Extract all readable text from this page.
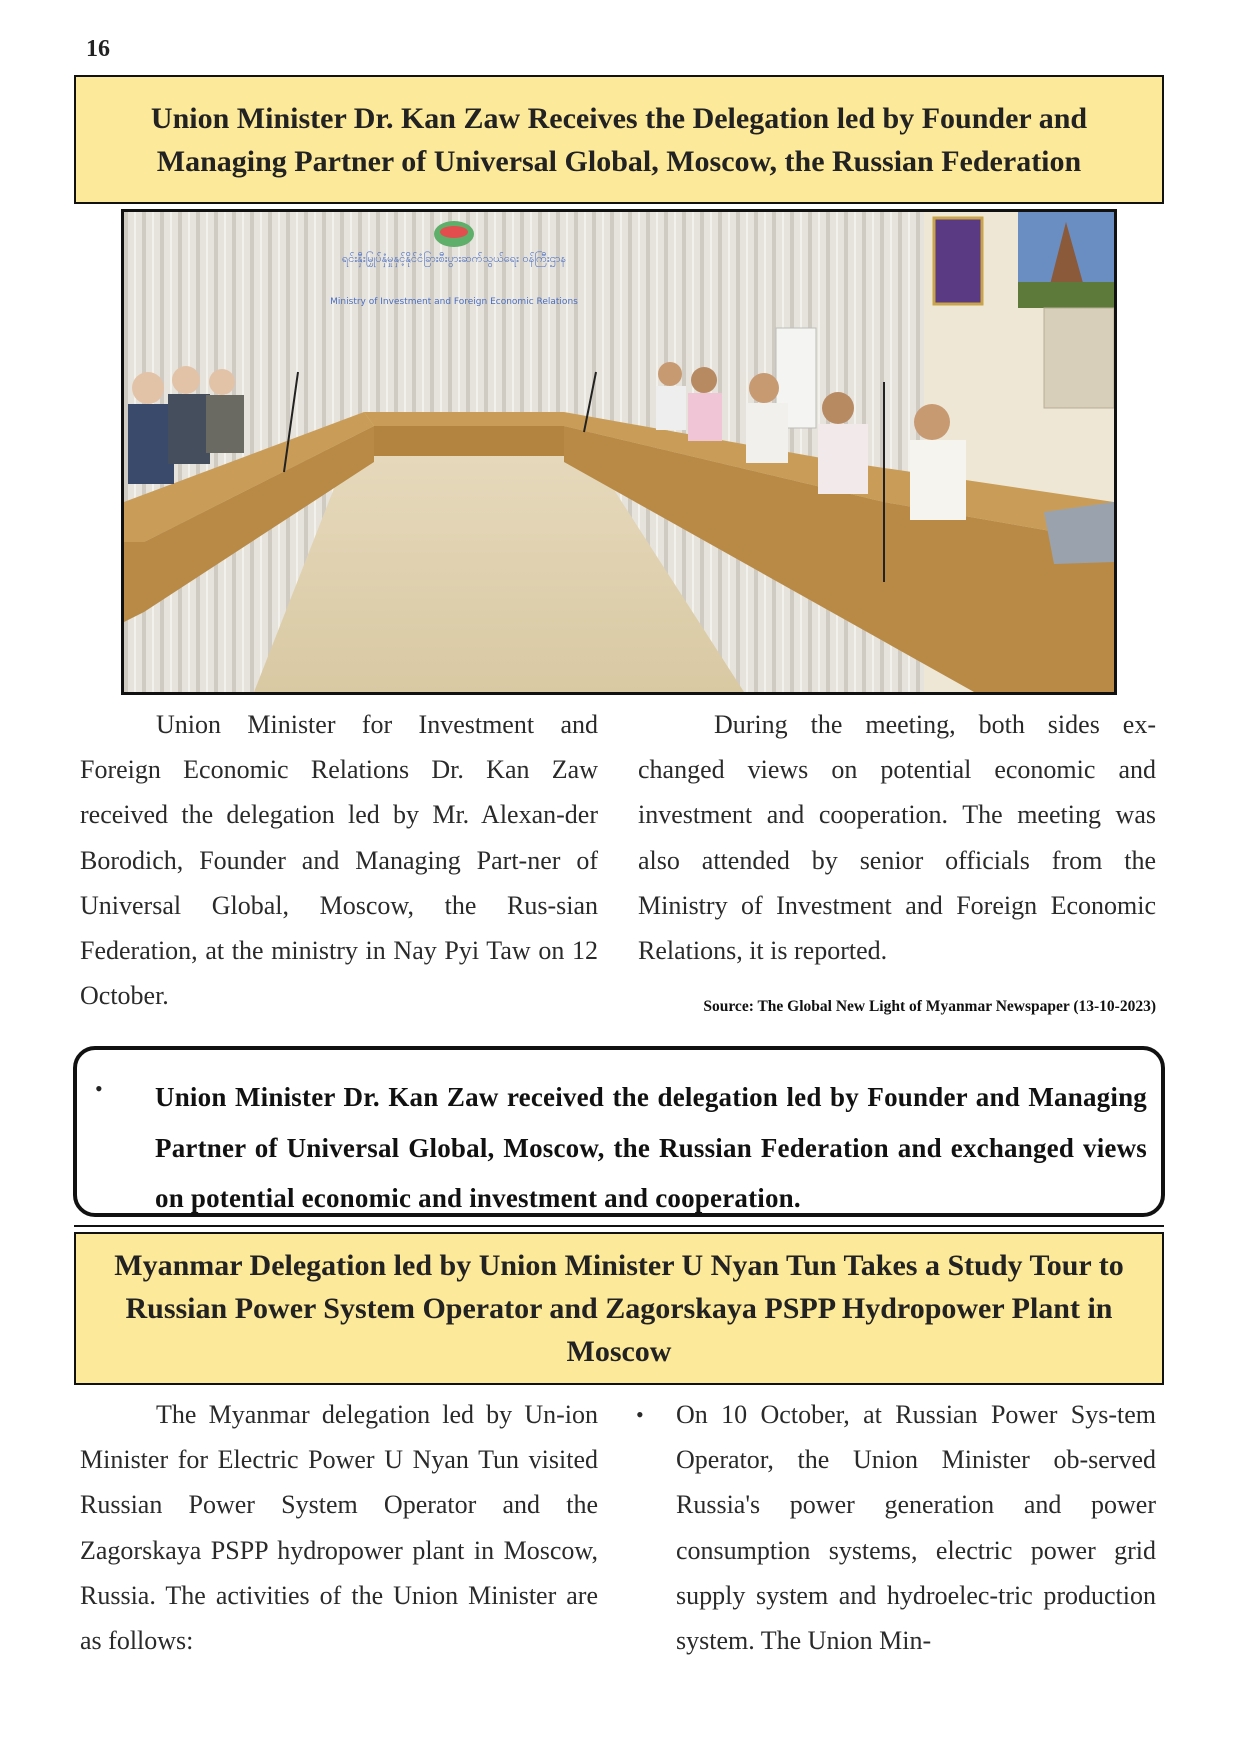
16
Union Minister Dr. Kan Zaw Receives the Delegation led by Founder and Managing Partner of Universal Global, Moscow, the Russian Federation
ရင်းနှီးမြှုပ်နှံမှုနှင့်နိုင်ငံခြားစီးပွားဆက်သွယ်ရေး ဝန်ကြီးဌာန
Ministry of Investment and Foreign Economic Relations

Union Minister for Investment and Foreign Economic Relations Dr. Kan Zaw received the delegation led by Mr. Alexan-der Borodich, Founder and Managing Part-ner of Universal Global, Moscow, the Rus-sian Federation, at the ministry in Nay Pyi Taw on 12 October.

During the meeting, both sides ex-changed views on potential economic and investment and cooperation. The meeting was also attended by senior officials from the Ministry of Investment and Foreign Economic Relations, it is reported.

Source: The Global New Light of Myanmar Newspaper (13-10-2023)
• Union Minister Dr. Kan Zaw received the delegation led by Founder and Managing Partner of Universal Global, Moscow, the Russian Federation and exchanged views on potential economic and investment and cooperation.
Myanmar Delegation led by Union Minister U Nyan Tun Takes a Study Tour to Russian Power System Operator and Zagorskaya PSPP Hydropower Plant in Moscow

The Myanmar delegation led by Un-ion Minister for Electric Power U Nyan Tun visited Russian Power System Operator and the Zagorskaya PSPP hydropower plant in Moscow, Russia. The activities of the Union Minister are as follows:

• On 10 October, at Russian Power Sys-tem Operator, the Union Minister ob-served Russia's power generation and power consumption systems, electric power grid supply system and hydroelec-tric production system. The Union Min-
